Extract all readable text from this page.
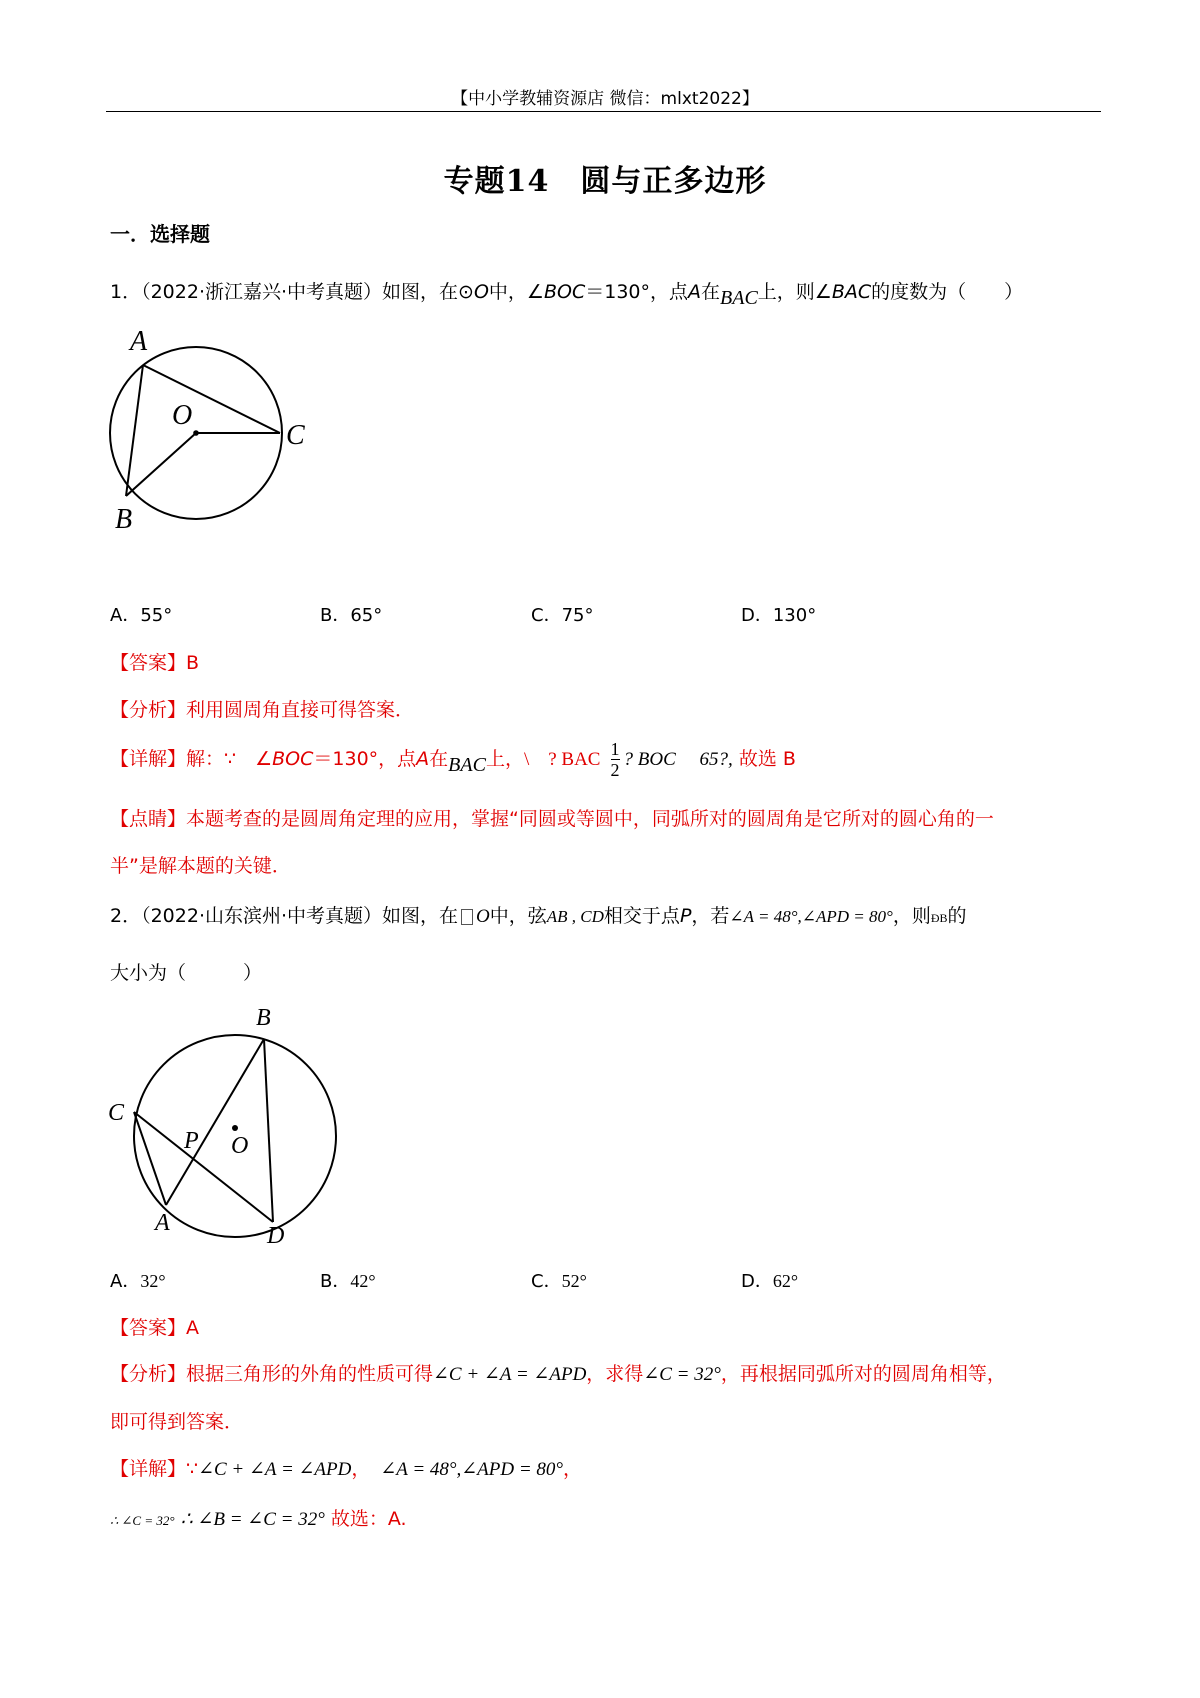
【中小学教辅资源店 微信：mlxt2022】
专题14　圆与正多边形
一．选择题
1．（2022·浙江嘉兴·中考真题）如图，在⊙O中，∠BOC＝130°，点A在BAC上，则∠BAC的度数为（　　）
A
O
C
B
A．55°	B．65°	C．75°	D．130°
【答案】B
【分析】利用圆周角直接可得答案．
【详解】解：∵　∠BOC＝130°，点A在BAC上，\　? BAC $\frac{1}{2}$ ? BOC　 65?, 故选 B
【点睛】本题考查的是圆周角定理的应用，掌握“同圆或等圆中，同弧所对的圆周角是它所对的圆心角的一
半”是解本题的关键．
2．（2022·山东滨州·中考真题）如图，在 O中，弦AB , CD相交于点P，若∠A = 48°,∠APD = 80°，则ÐB的
大小为（　　　）
B
C
P O
A	D
A．32°	B．42°	C．52°	D．62°
【答案】A
【分析】根据三角形的外角的性质可得∠C + ∠A = ∠APD，求得∠C = 32°，再根据同弧所对的圆周角相等，
即可得到答案．
【详解】∵∠C + ∠A = ∠APD， ∠A = 48°,∠APD = 80°，
∴ ∠C = 32° ∴ ∠B = ∠C = 32° 故选：A.
